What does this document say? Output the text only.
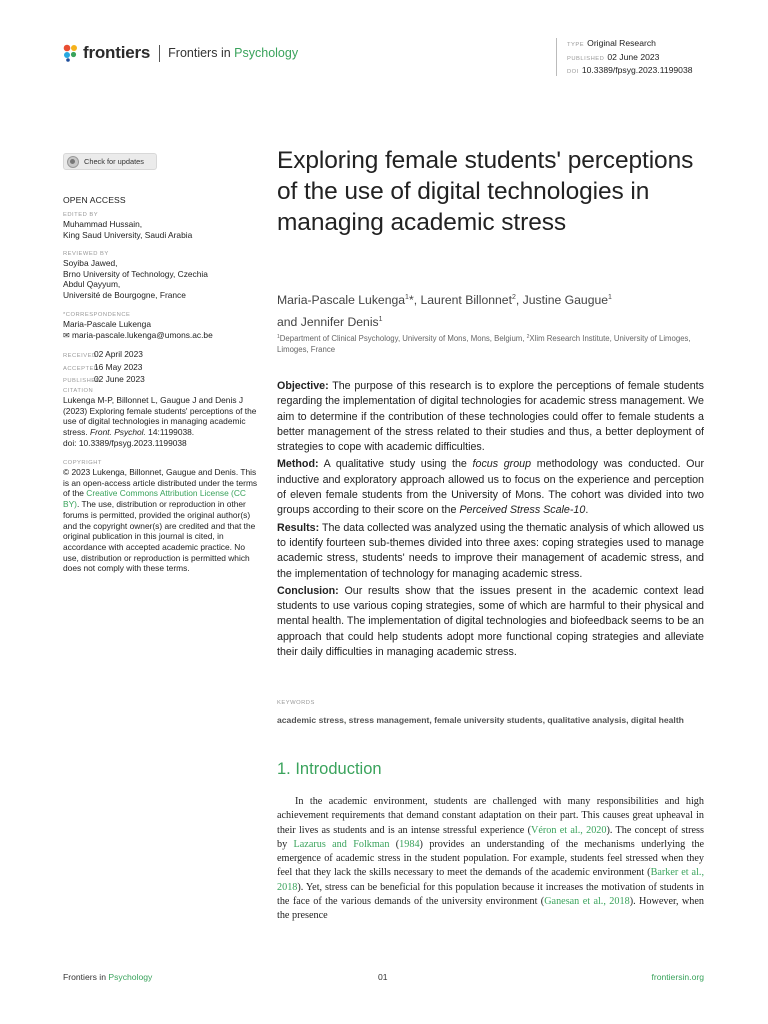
frontiers Frontiers in Psychology
TYPE Original Research
PUBLISHED 02 June 2023
DOI 10.3389/fpsyg.2023.1199038
Check for updates
OPEN ACCESS
EDITED BY
Muhammad Hussain,
King Saud University, Saudi Arabia
REVIEWED BY
Soyiba Jawed,
Brno University of Technology, Czechia
Abdul Qayyum,
Université de Bourgogne, France
*CORRESPONDENCE
Maria-Pascale Lukenga
✉ maria-pascale.lukenga@umons.ac.be
RECEIVED02 April 2023
ACCEPTED16 May 2023
PUBLISHED02 June 2023
CITATION
Lukenga M-P, Billonnet L, Gaugue J and Denis J (2023) Exploring female students' perceptions of the use of digital technologies in managing academic stress. Front. Psychol. 14:1199038.
doi: 10.3389/fpsyg.2023.1199038
COPYRIGHT
© 2023 Lukenga, Billonnet, Gaugue and Denis. This is an open-access article distributed under the terms of the Creative Commons Attribution License (CC BY). The use, distribution or reproduction in other forums is permitted, provided the original author(s) and the copyright owner(s) are credited and that the original publication in this journal is cited, in accordance with accepted academic practice. No use, distribution or reproduction is permitted which does not comply with these terms.
Exploring female students' perceptions of the use of digital technologies in managing academic stress
Maria-Pascale Lukenga$^1$*, Laurent Billonnet$^2$, Justine Gaugue$^1$
and Jennifer Denis$^1$
$^1$Department of Clinical Psychology, University of Mons, Mons, Belgium, $^2$Xlim Research Institute, University of Limoges, Limoges, France

Objective: The purpose of this research is to explore the perceptions of female students regarding the implementation of digital technologies for academic stress management. We aim to determine if the contribution of these technologies could offer to female students a better management of the stress related to their studies and thus, a better deployment of strategies to cope with academic difficulties.

Method: A qualitative study using the focus group methodology was conducted. Our inductive and exploratory approach allowed us to focus on the experience and perception of eleven female students from the University of Mons. The cohort was divided into two groups according to their score on the Perceived Stress Scale-10.

Results: The data collected was analyzed using the thematic analysis of which allowed us to identify fourteen sub-themes divided into three axes: coping strategies used to manage academic stress, students' needs to improve their management of academic stress, and the implementation of technology for managing academic stress.

Conclusion: Our results show that the issues present in the academic context lead students to use various coping strategies, some of which are harmful to their physical and mental health. The implementation of digital technologies and biofeedback seems to be an approach that could help students adopt more functional coping strategies and alleviate their daily difficulties in managing academic stress.

KEYWORDS
academic stress, stress management, female university students, qualitative analysis, digital health
1. Introduction

In the academic environment, students are challenged with many responsibilities and high achievement requirements that demand constant adaptation on their part. This causes great upheaval in their lives as students and is an intense stressful experience (Véron et al., 2020). The concept of stress by Lazarus and Folkman (1984) provides an understanding of the mechanisms underlying the emergence of academic stress in the student population. For example, students feel stressed when they feel that they lack the skills necessary to meet the demands of the academic environment (Barker et al., 2018). Yet, stress can be beneficial for this population because it increases the motivation of students in the face of the various demands of the university environment (Ganesan et al., 2018). However, when the presence

Frontiers in Psychology	01	frontiersin.org
